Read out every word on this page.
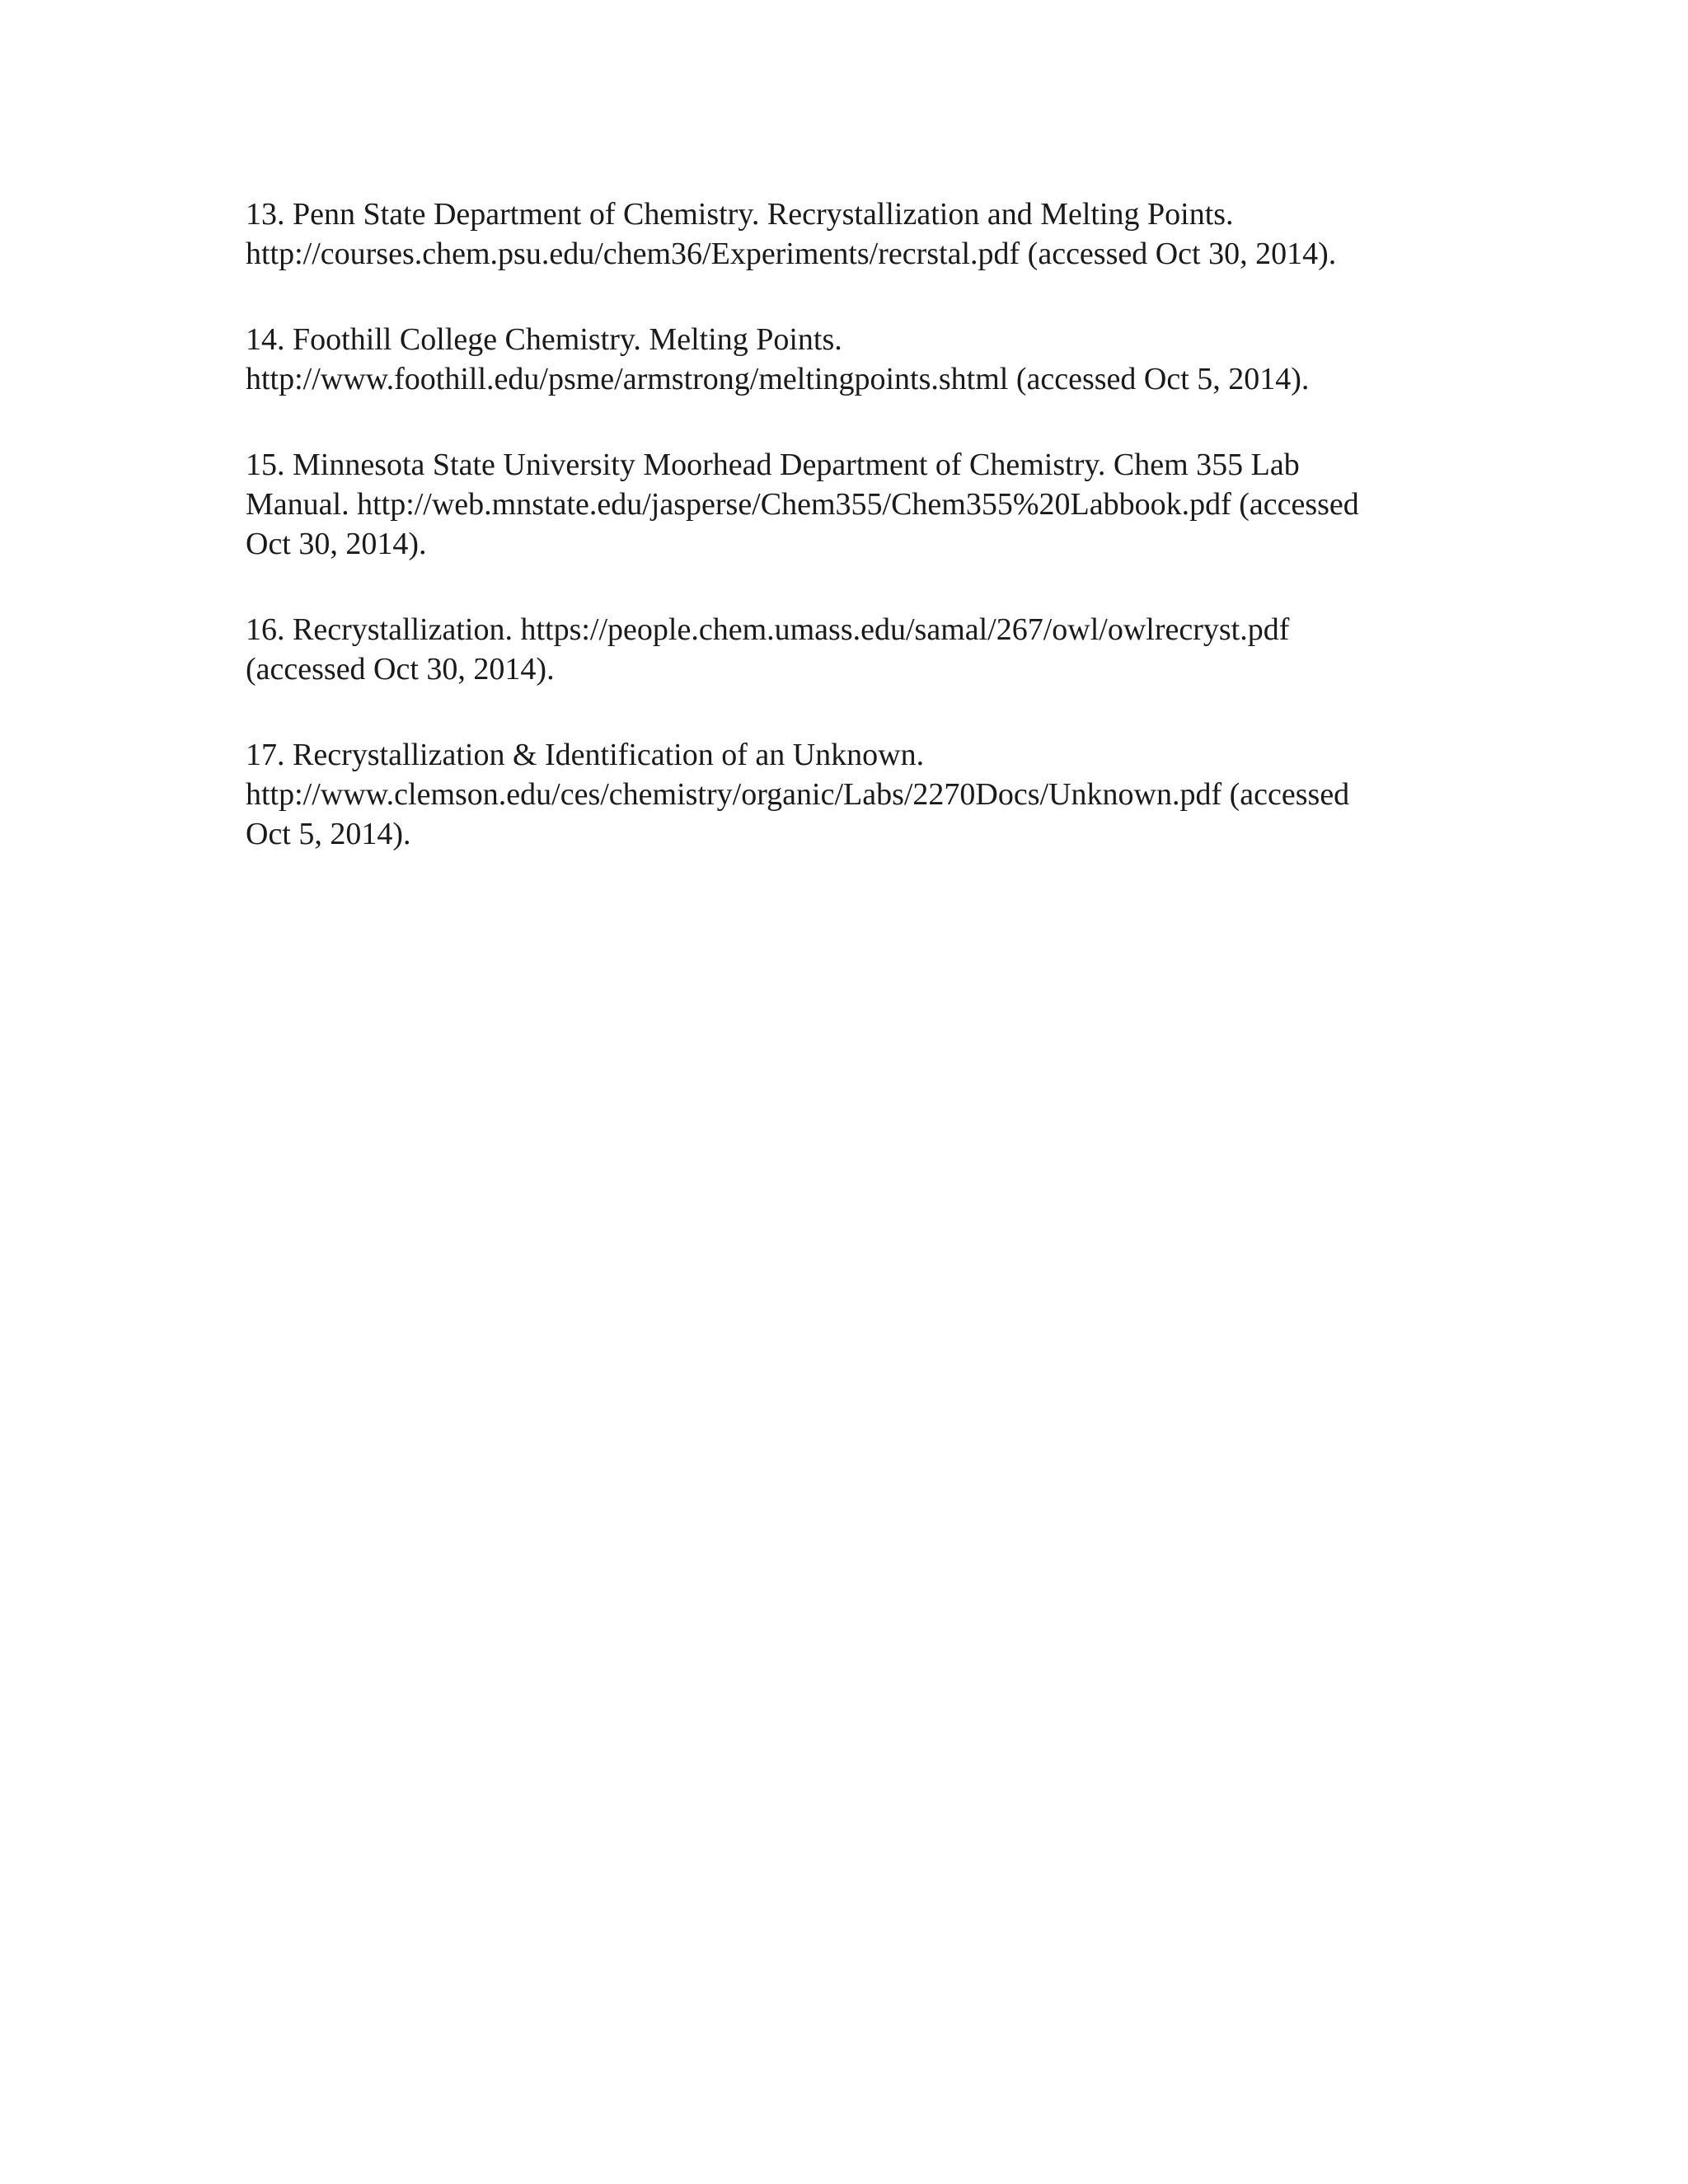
13. Penn State Department of Chemistry. Recrystallization and Melting Points.
http://courses.chem.psu.edu/chem36/Experiments/recrstal.pdf (accessed Oct 30, 2014).
14. Foothill College Chemistry. Melting Points.
http://www.foothill.edu/psme/armstrong/meltingpoints.shtml (accessed Oct 5, 2014).
15. Minnesota State University Moorhead Department of Chemistry. Chem 355 Lab
Manual. http://web.mnstate.edu/jasperse/Chem355/Chem355%20Labbook.pdf (accessed
Oct 30, 2014).
16. Recrystallization. https://people.chem.umass.edu/samal/267/owl/owlrecryst.pdf
(accessed Oct 30, 2014).
17. Recrystallization & Identification of an Unknown.
http://www.clemson.edu/ces/chemistry/organic/Labs/2270Docs/Unknown.pdf (accessed
Oct 5, 2014).
